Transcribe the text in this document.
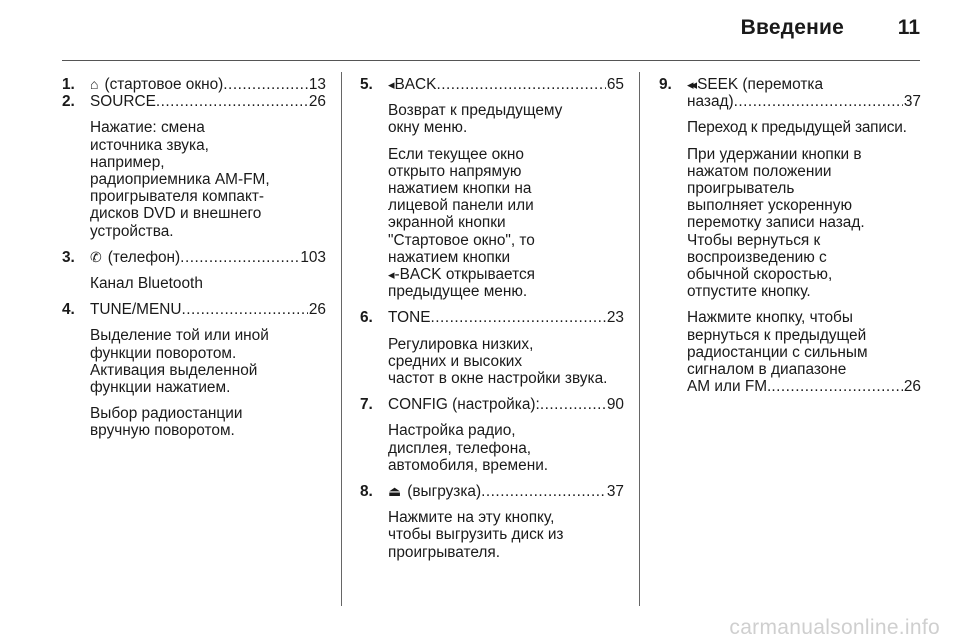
Введение	11
1. ⌂ (стартовое окно) .....	13
2. SOURCE .....	26
Нажатие: смена
источника звука,
например,
радиоприемника AM-FM,
проигрывателя компакт-
дисков DVD и внешнего
устройства.
3. ✆ (телефон) .....	103
Канал Bluetooth
4. TUNE/MENU .....	26
Выделение той или иной
функции поворотом.
Активация выделенной
функции нажатием.
Выбор радиостанции
вручную поворотом.
5. ◂BACK .....	65
Возврат к предыдущему
окну меню.
Если текущее окно
открыто напрямую
нажатием кнопки на
лицевой панели или
экранной кнопки
"Стартовое окно", то
нажатием кнопки
◂-BACK открывается
предыдущее меню.
6. TONE .....	23
Регулировка низких,
средних и высоких
частот в окне настройки звука.
7. CONFIG (настройка): .....	90
Настройка радио,
дисплея, телефона,
автомобиля, времени.
8. ⏏ (выгрузка) .....	37
Нажмите на эту кнопку,
чтобы выгрузить диск из
проигрывателя.
9. ◂◂ SEEK (перемотка
назад) .....	37
Переход к предыдущей записи.
При удержании кнопки в
нажатом положении
проигрыватель
выполняет ускоренную
перемотку записи назад.
Чтобы вернуться к
воспроизведению с
обычной скоростью,
отпустите кнопку.
Нажмите кнопку, чтобы
вернуться к предыдущей
радиостанции с сильным
сигналом в диапазоне
АМ или FM. .....	26
carmanualsonline.info
